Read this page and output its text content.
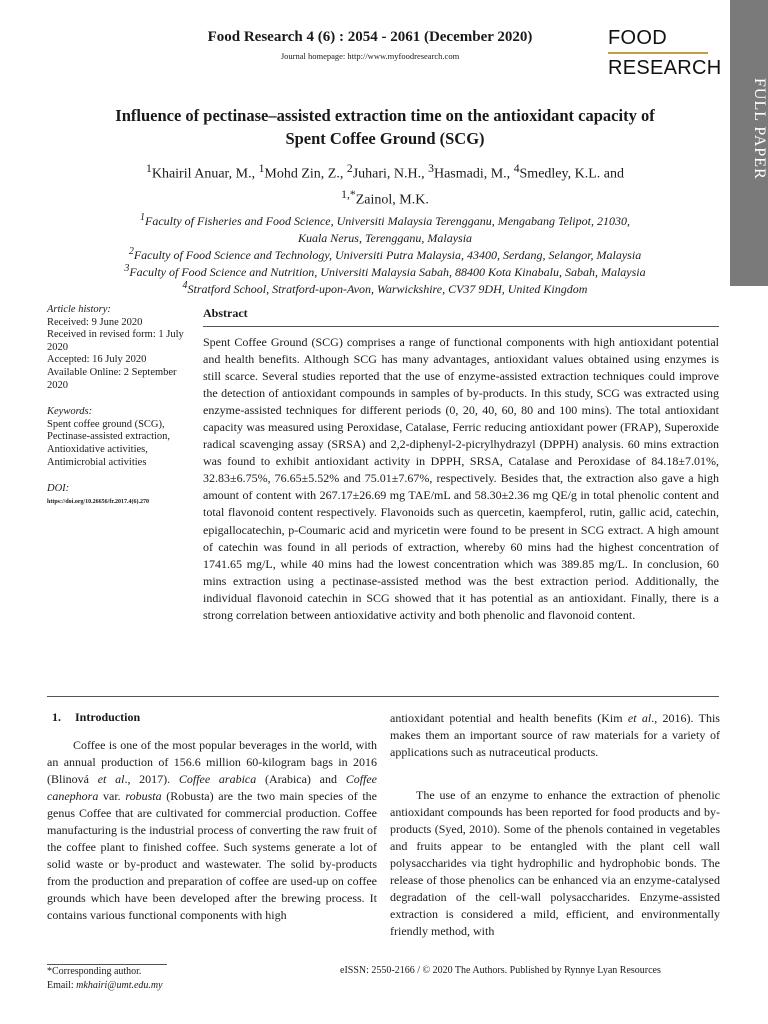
Food Research 4 (6) : 2054 - 2061 (December 2020)
Journal homepage: http://www.myfoodresearch.com
FOOD
RESEARCH
FULL PAPER
Influence of pectinase–assisted extraction time on the antioxidant capacity of
Spent Coffee Ground (SCG)
$^1$Khairil Anuar, M., $^1$Mohd Zin, Z., $^2$Juhari, N.H., $^3$Hasmadi, M., $^4$Smedley, K.L. and
$^{1,*}$Zainol, M.K.
$^1$Faculty of Fisheries and Food Science, Universiti Malaysia Terengganu, Mengabang Telipot, 21030,
Kuala Nerus, Terengganu, Malaysia
$^2$Faculty of Food Science and Technology, Universiti Putra Malaysia, 43400, Serdang, Selangor, Malaysia
$^3$Faculty of Food Science and Nutrition, Universiti Malaysia Sabah, 88400 Kota Kinabalu, Sabah, Malaysia
$^4$Stratford School, Stratford-upon-Avon, Warwickshire, CV37 9DH, United Kingdom

Article history:

Received: 9 June 2020

Received in revised form: 1 July 2020

Accepted: 16 July 2020

Available Online: 2 September 2020

Keywords:

Spent coffee ground (SCG),

Pectinase-assisted extraction,

Antioxidative activities,

Antimicrobial activities

DOI:

https://doi.org/10.26656/fr.2017.4(6).270

Abstract

Spent Coffee Ground (SCG) comprises a range of functional components with high antioxidant potential and health benefits. Although SCG has many advantages, antioxidant values obtained using enzymes is still scarce. Several studies reported that the use of enzyme-assisted extraction techniques could improve the detection of antioxidant compounds in samples of by-products. In this study, SCG was extracted using enzyme-assisted techniques for different periods (0, 20, 40, 60, 80 and 100 mins). The total antioxidant capacity was measured using Peroxidase, Catalase, Ferric reducing antioxidant power (FRAP), Superoxide radical scavenging assay (SRSA) and 2,2-diphenyl-2-picrylhydrazyl (DPPH) analysis. 60 mins extraction was found to exhibit antioxidant activity in DPPH, SRSA, Catalase and Peroxidase of 84.18±7.01%, 32.83±6.75%, 76.65±5.52% and 75.01±7.67%, respectively. Besides that, the extraction also gave a high amount of content with 267.17±26.69 mg TAE/mL and 58.30±2.36 mg QE/g in total phenolic content and total flavonoid content respectively. Flavonoids such as quercetin, kaempferol, rutin, gallic acid, catechin, epigallocatechin, p-Coumaric acid and myricetin were found to be present in SCG extract. A high amount of catechin was found in all periods of extraction, whereby 60 mins had the highest concentration of 1741.65 mg/L, while 40 mins had the lowest concentration which was 389.85 mg/L. In conclusion, 60 mins extraction using a pectinase-assisted method was the best extraction period. Additionally, the individual flavonoid catechin in SCG showed that it has potential as an antioxidant. Finally, there is a strong correlation between antioxidative activity and both phenolic and flavonoid content.

1. Introduction

Coffee is one of the most popular beverages in the world, with an annual production of 156.6 million 60-kilogram bags in 2016 (Blinová et al., 2017). Coffee arabica (Arabica) and Coffee canephora var. robusta (Robusta) are the two main species of the genus Coffee that are cultivated for commercial production. Coffee manufacturing is the industrial process of converting the raw fruit of the coffee plant to finished coffee. Such systems generate a lot of solid waste or by-product and wastewater. The solid by-products from the production and preparation of coffee are used-up on coffee grounds which have been developed after the brewing process. It contains various functional components with high

antioxidant potential and health benefits (Kim et al., 2016). This makes them an important source of raw materials for a variety of applications such as nutraceutical products.

The use of an enzyme to enhance the extraction of phenolic antioxidant compounds has been reported for food products and by-products (Syed, 2010). Some of the phenols contained in vegetables and fruits appear to be entangled with the plant cell wall polysaccharides via tight hydrophilic and hydrophobic bonds. The release of those phenolics can be enhanced via an enzyme-catalysed degradation of the cell-wall polysaccharides. Enzyme-assisted extraction is considered a mild, efficient, and environmentally friendly method, with

*Corresponding author.
Email: mkhairi@umt.edu.my
eISSN: 2550-2166 / © 2020 The Authors. Published by Rynnye Lyan Resources
